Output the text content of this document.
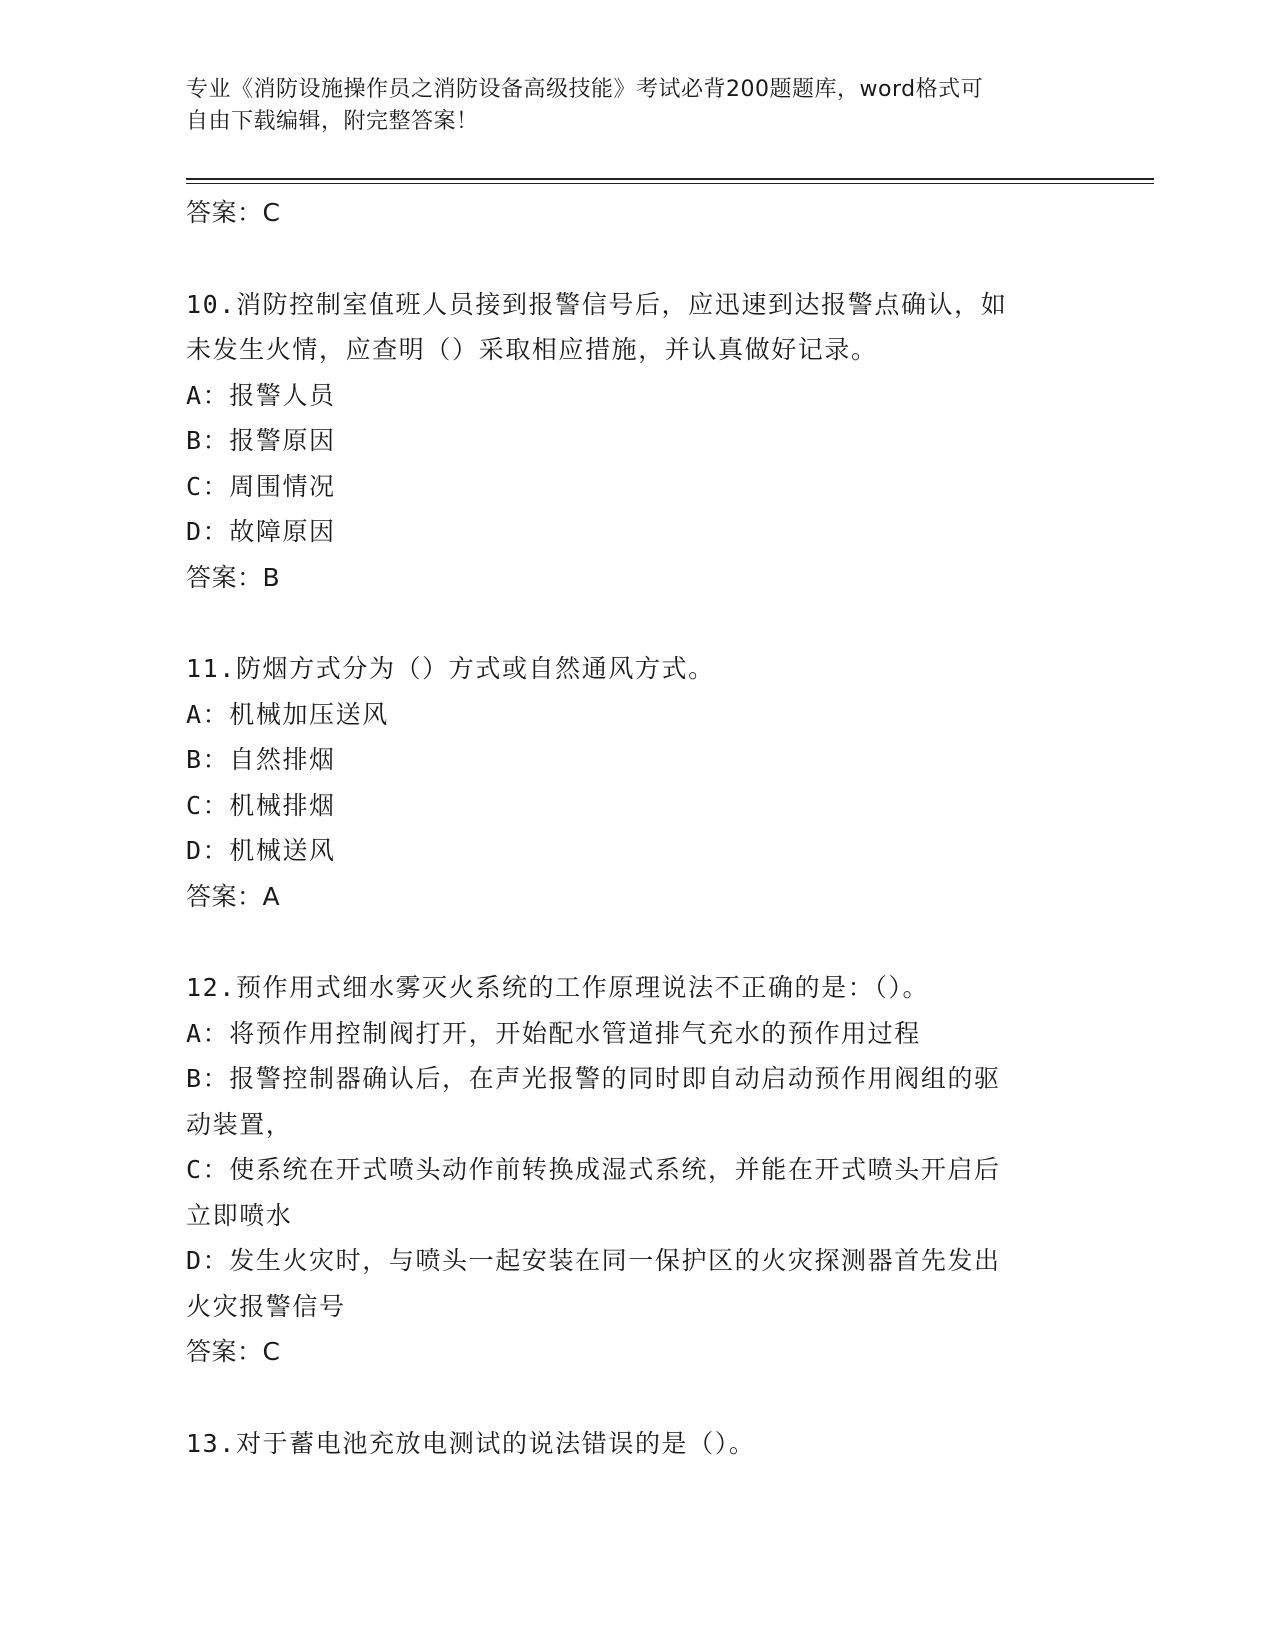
专业《消防设施操作员之消防设备高级技能》考试必背200题题库，word格式可
自由下载编辑，附完整答案！
答案：C
10.消防控制室值班人员接到报警信号后，应迅速到达报警点确认，如
未发生火情，应查明（）采取相应措施，并认真做好记录。
A：报警人员
B：报警原因
C：周围情况
D：故障原因
答案：B
11.防烟方式分为（）方式或自然通风方式。
A：机械加压送风
B：自然排烟
C：机械排烟
D：机械送风
答案：A
12.预作用式细水雾灭火系统的工作原理说法不正确的是：（）。
A：将预作用控制阀打开，开始配水管道排气充水的预作用过程
B：报警控制器确认后，在声光报警的同时即自动启动预作用阀组的驱
动装置，
C：使系统在开式喷头动作前转换成湿式系统，并能在开式喷头开启后
立即喷水
D：发生火灾时，与喷头一起安装在同一保护区的火灾探测器首先发出
火灾报警信号
答案：C
13.对于蓄电池充放电测试的说法错误的是（）。
